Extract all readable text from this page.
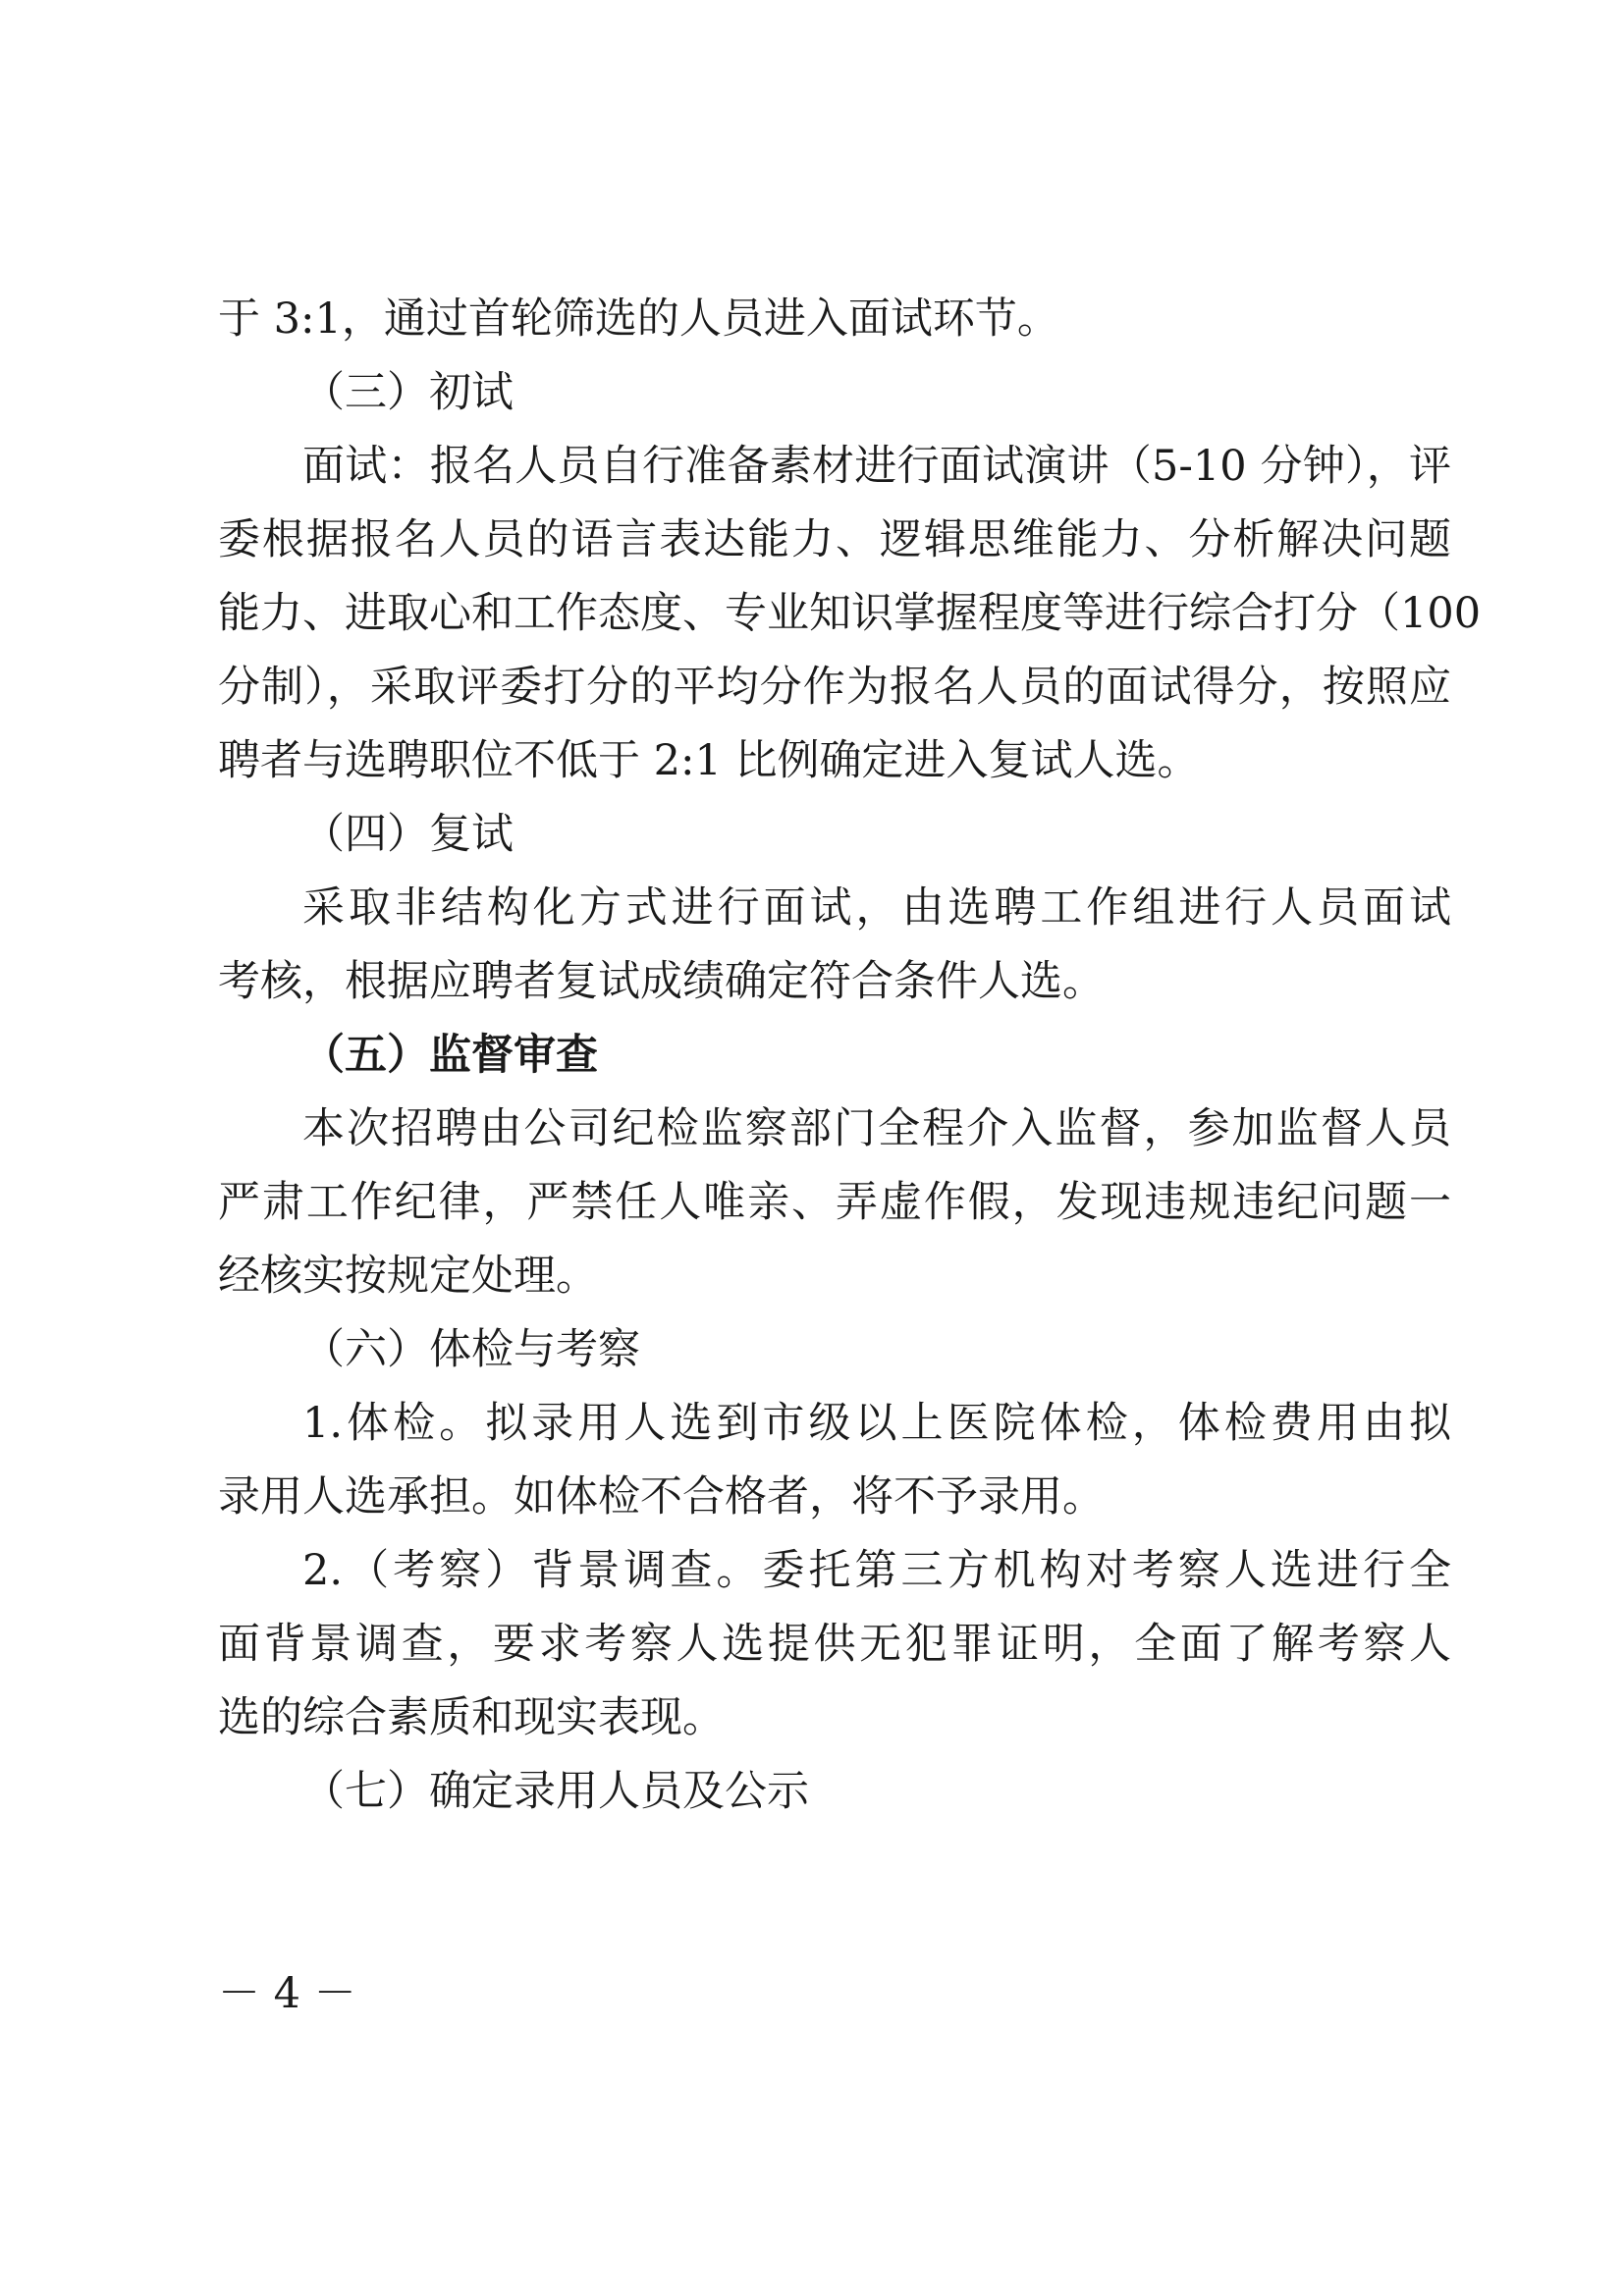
于 3:1，通过首轮筛选的人员进入面试环节。
（三）初试
面试：报名人员自行准备素材进行面试演讲（5-10 分钟），评
委根据报名人员的语言表达能力、逻辑思维能力、分析解决问题
能力、进取心和工作态度、专业知识掌握程度等进行综合打分（100
分制），采取评委打分的平均分作为报名人员的面试得分，按照应
聘者与选聘职位不低于 2:1 比例确定进入复试人选。
（四）复试
采取非结构化方式进行面试，由选聘工作组进行人员面试
考核，根据应聘者复试成绩确定符合条件人选。
（五）监督审查
本次招聘由公司纪检监察部门全程介入监督，参加监督人员
严肃工作纪律，严禁任人唯亲、弄虚作假，发现违规违纪问题一
经核实按规定处理。
（六）体检与考察
1.体检。拟录用人选到市级以上医院体检，体检费用由拟
录用人选承担。如体检不合格者，将不予录用。
2.（考察）背景调查。委托第三方机构对考察人选进行全
面背景调查，要求考察人选提供无犯罪证明，全面了解考察人
选的综合素质和现实表现。
（七）确定录用人员及公示
－ 4 －
